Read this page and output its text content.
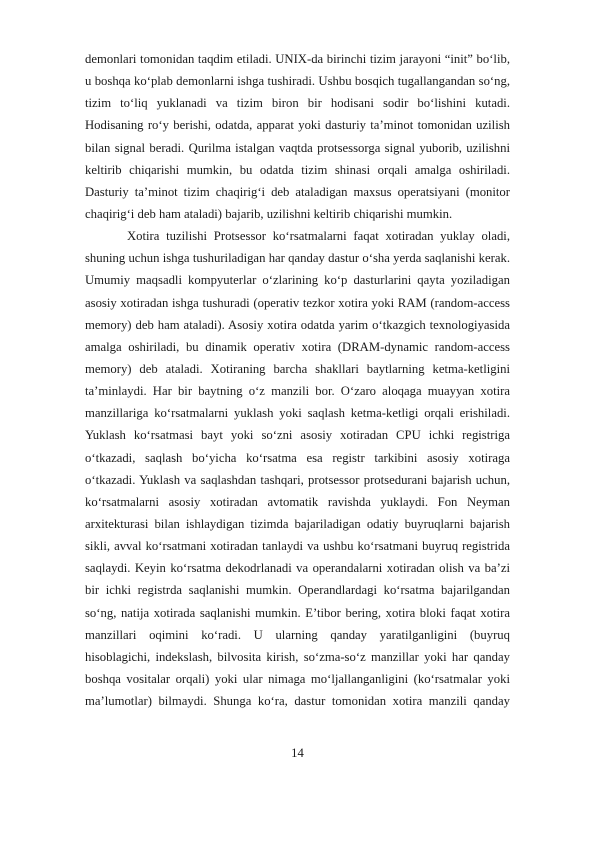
demonlari tomonidan taqdim etiladi. UNIX-da birinchi tizim jarayoni “init” bo‘lib,
u boshqa ko‘plab demonlarni ishga tushiradi. Ushbu bosqich tugallangandan so‘ng,
tizim to‘liq yuklanadi va tizim biron bir hodisani sodir bo‘lishini kutadi.
Hodisaning ro‘y berishi, odatda, apparat yoki dasturiy ta’minot tomonidan uzilish
bilan signal beradi. Qurilma istalgan vaqtda protsessorga signal yuborib, uzilishni
keltirib chiqarishi mumkin, bu odatda tizim shinasi orqali amalga oshiriladi.
Dasturiy ta’minot tizim chaqirig‘i deb ataladigan maxsus operatsiyani (monitor
chaqirig‘i deb ham ataladi) bajarib, uzilishni keltirib chiqarishi mumkin.
Xotira tuzilishi Protsessor ko‘rsatmalarni faqat xotiradan yuklay oladi,
shuning uchun ishga tushuriladigan har qanday dastur o‘sha yerda saqlanishi kerak.
Umumiy maqsadli kompyuterlar o‘zlarining ko‘p dasturlarini qayta yoziladigan
asosiy xotiradan ishga tushuradi (operativ tezkor xotira yoki RAM (random-access
memory) deb ham ataladi). Asosiy xotira odatda yarim o‘tkazgich texnologiyasida
amalga oshiriladi, bu dinamik operativ xotira (DRAM-dynamic random-access
memory) deb ataladi. Xotiraning barcha shakllari baytlarning ketma-ketligini
ta’minlaydi. Har bir baytning o‘z manzili bor. O‘zaro aloqaga muayyan xotira
manzillariga ko‘rsatmalarni yuklash yoki saqlash ketma-ketligi orqali erishiladi.
Yuklash ko‘rsatmasi bayt yoki so‘zni asosiy xotiradan CPU ichki registriga
o‘tkazadi, saqlash bo‘yicha ko‘rsatma esa registr tarkibini asosiy xotiraga
o‘tkazadi. Yuklash va saqlashdan tashqari, protsessor protsedurani bajarish uchun,
ko‘rsatmalarni asosiy xotiradan avtomatik ravishda yuklaydi. Fon Neyman
arxitekturasi bilan ishlaydigan tizimda bajariladigan odatiy buyruqlarni bajarish
sikli, avval ko‘rsatmani xotiradan tanlaydi va ushbu ko‘rsatmani buyruq registrida
saqlaydi. Keyin ko‘rsatma dekodrlanadi va operandalarni xotiradan olish va ba’zi
bir ichki registrda saqlanishi mumkin. Operandlardagi ko‘rsatma bajarilgandan
so‘ng, natija xotirada saqlanishi mumkin. E’tibor bering, xotira bloki faqat xotira
manzillari oqimini ko‘radi. U ularning qanday yaratilganligini (buyruq
hisoblagichi, indekslash, bilvosita kirish, so‘zma-so‘z manzillar yoki har qanday
boshqa vositalar orqali) yoki ular nimaga mo‘ljallanganligini (ko‘rsatmalar yoki
ma’lumotlar) bilmaydi. Shunga ko‘ra, dastur tomonidan xotira manzili qanday
14
